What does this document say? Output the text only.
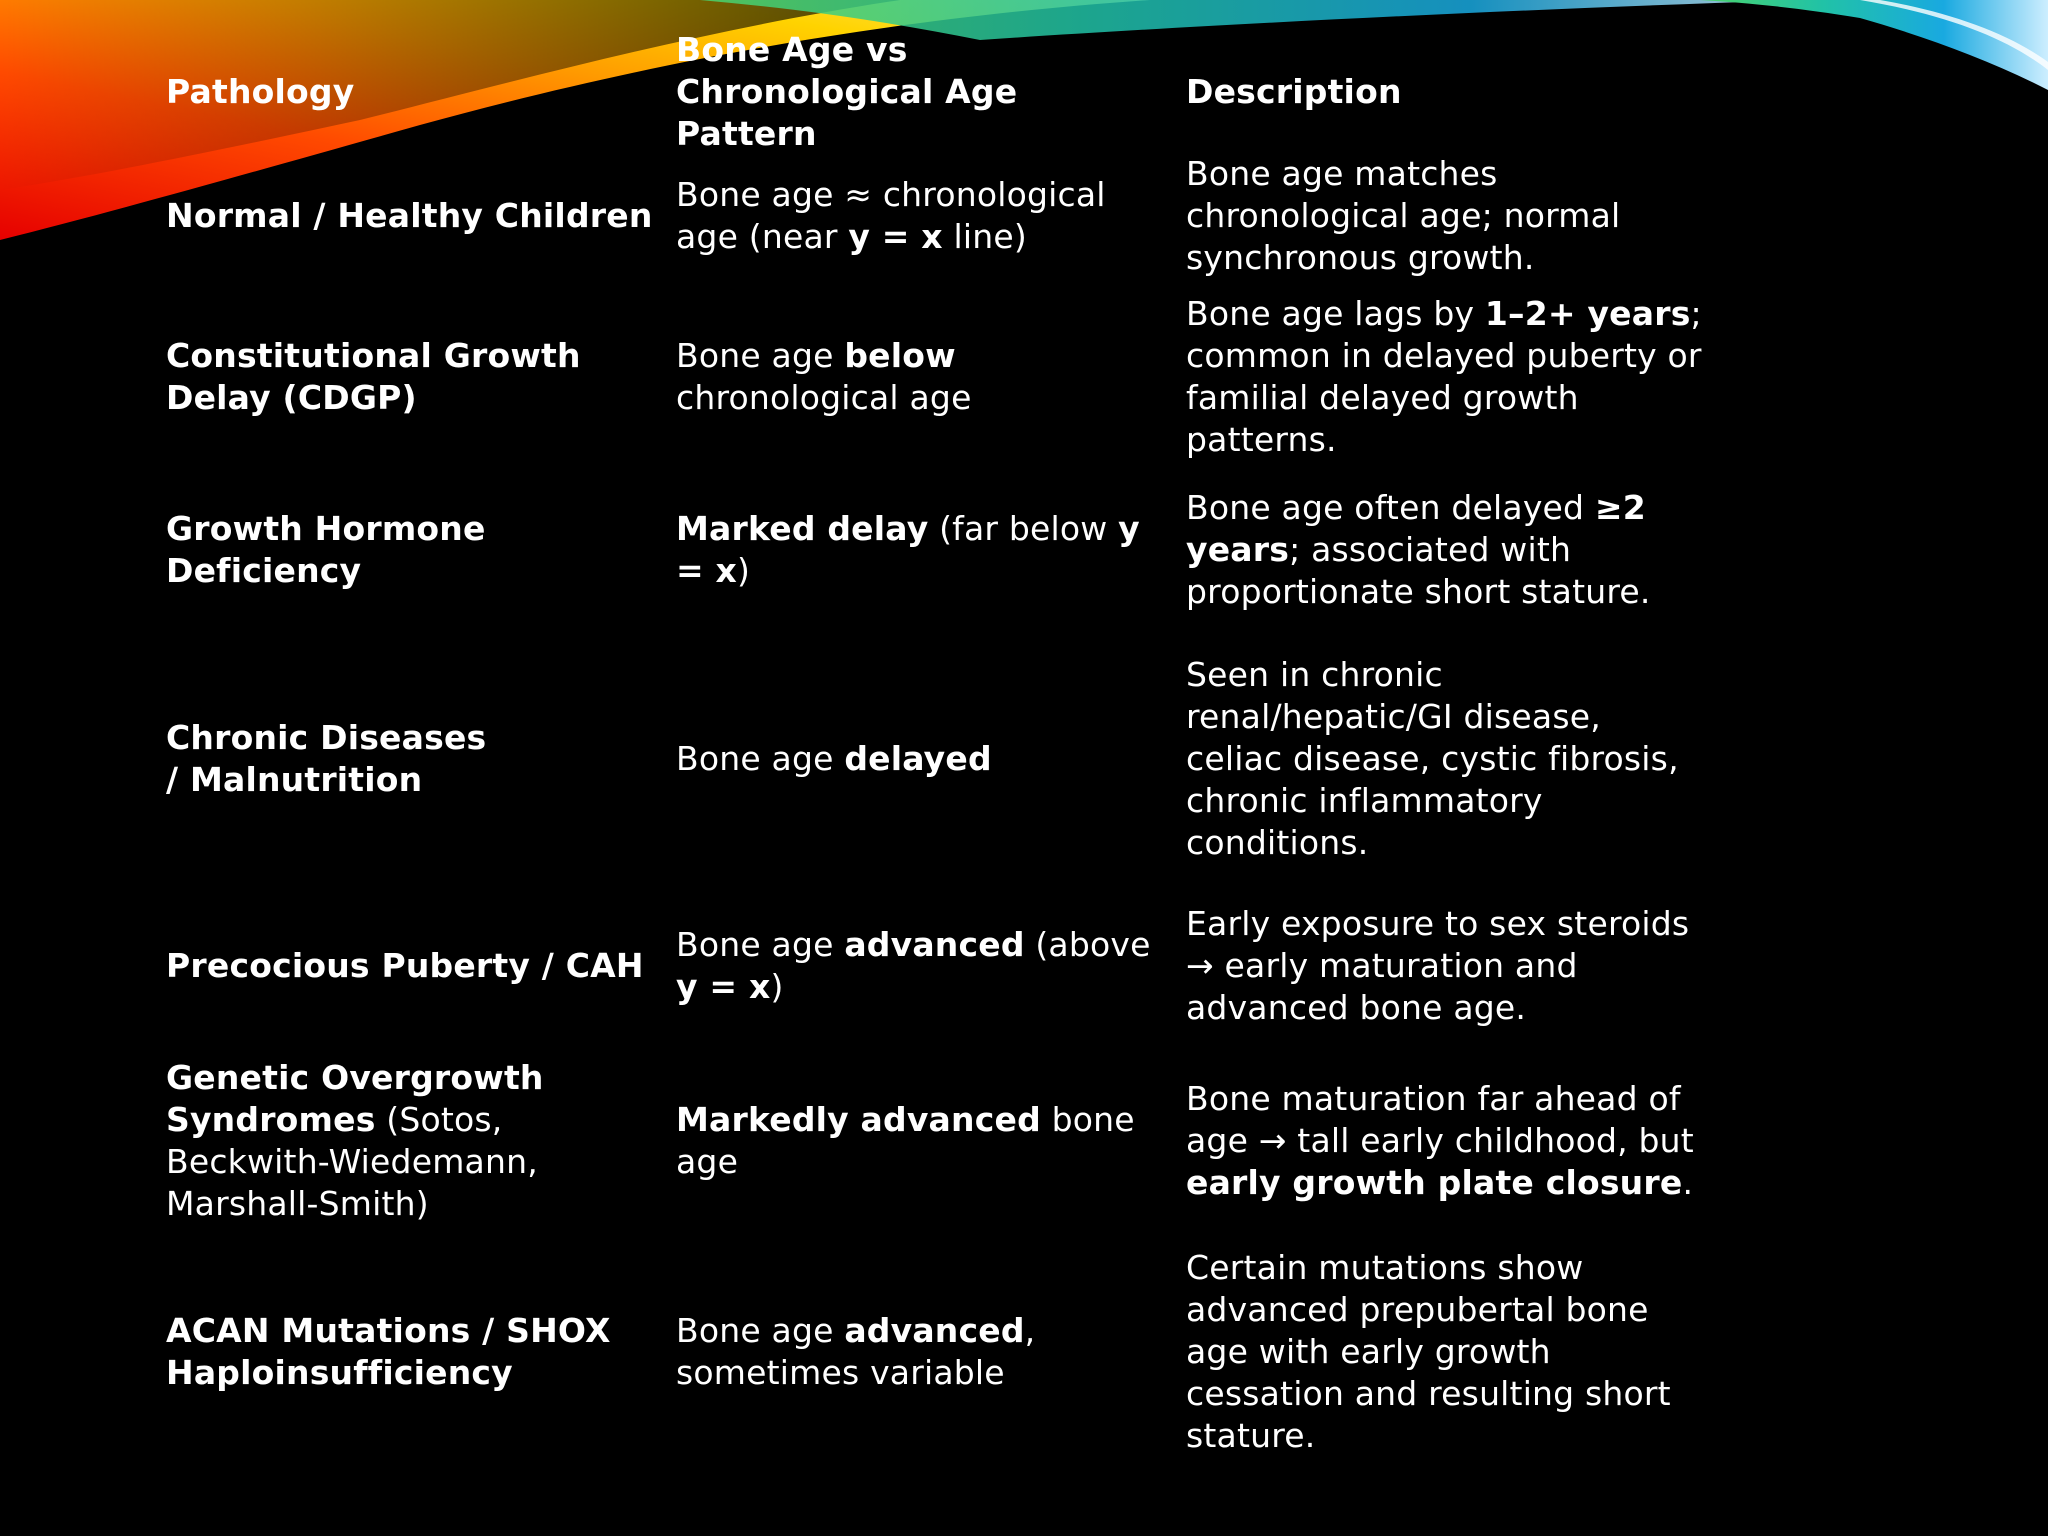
Pathology
Bone Age vs Chronological Age Pattern
Description
Normal / Healthy Children
Bone age ≈ chronological age (near y = x line)
Bone age matches chronological age; normal synchronous growth.
Constitutional Growth Delay (CDGP)
Bone age below chronological age
Bone age lags by 1–2+ years; common in delayed puberty or familial delayed growth patterns.
Growth Hormone Deficiency
Marked delay (far below y = x)
Bone age often delayed ≥2 years; associated with proportionate short stature.
Chronic Diseases / Malnutrition
Bone age delayed
Seen in chronic renal/hepatic/GI disease, celiac disease, cystic fibrosis, chronic inflammatory conditions.
Precocious Puberty / CAH
Bone age advanced (above y = x)
Early exposure to sex steroids → early maturation and advanced bone age.
Genetic Overgrowth Syndromes (Sotos, Beckwith-Wiedemann, Marshall-Smith)
Markedly advanced bone age
Bone maturation far ahead of age → tall early childhood, but early growth plate closure.
ACAN Mutations / SHOX Haploinsufficiency
Bone age advanced, sometimes variable
Certain mutations show advanced prepubertal bone age with early growth cessation and resulting short stature.
